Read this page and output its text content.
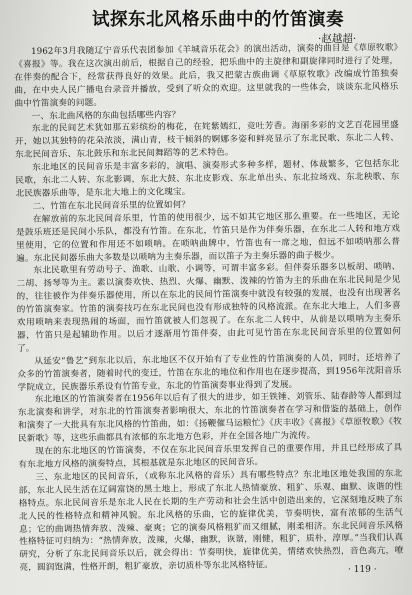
试探东北风格乐曲中的竹笛演奏
·赵越超·

1962年3月我随辽宁音乐代表团参加《羊城音乐花会》的演出活动，演奏的曲目是《草原牧歌》《喜报》等。我在这次演出前后，根据自己的经验，把乐曲中的主旋律和副旋律同时进行了处理，在伴奏的配合下，经常获得良好的效果。此后，我又把蒙古族曲调《草原牧歌》改编成竹笛独奏曲，在中央人民广播电台录音并播放，受到了听众的欢迎。这里就我的一些体会，谈谈东北风格乐曲中竹笛演奏的问题。

一、东北曲风格的东曲包括哪些内容？

东北的民间艺术犹如那五彩缤纷的梅花，在姹紫嫣红，竞吐芳香。海丽多彩的文艺百花园里盛开，她以其独特的花朵浓淡，满山青，枝干倾斜的婀娜多姿和鲜亮显示了东北民歌、东北二人转、东北民间音乐、东北鼓乐和东北民间舞蹈等的艺术特色。

东北地区的民间音乐是丰富多彩的，演唱、演奏形式多种多样，题材、体裁繁多，它包括东北民歌，东北二人转、东北影调，东北大鼓、东北皮影戏、东北单出头、东北拉场戏、东北秧歌、东北民族器乐曲等，是东北大地上的文化瑰宝。

二、竹笛在东北民间音乐里的位置如何？

在解放前的东北民间音乐里，竹笛的使用很少，远不如其它地区那么重要。在一些地区，无论是鼓乐班还是民间小乐队，都没有竹笛。在东北，竹笛只是作为伴奏乐器，在东北二人转和地方戏里使用，它的位置和作用还不如唢呐。在唢呐曲牌中，竹笛也有一席之地，但远不如唢呐那么普遍。东北民间器乐曲大多数是以唢呐为主奏乐器，而以笛子为主奏乐器的曲子极少。

东北民歌里有劳动号子、渔歌、山歌、小调等，可谓丰富多彩。但伴奏乐器多以板胡、唢呐、二胡、扬琴等为主。素以演奏欢快、热烈、火爆、幽默、泼辣的竹笛为主的乐曲在东北民间是少见的，往往被作为伴奏乐器使用，所以在东北的民间竹笛演奏中就没有较强的发展，也没有出现著名的竹笛演奏家。竹笛的演奏技巧在东北民间也没有形成独特的风格流派。在东北大地上，人们多喜欢用唢呐来表现热闹的场面，而竹笛就被人们忽视了。在东北二人转中，从前是以唢呐为主奏乐器，竹笛只是起辅助作用。以后才逐渐用竹笛伴奏，由此可见竹笛在东北民间音乐里的位置如何了。

从延安“鲁艺”到东北以后，东北地区不仅开始有了专业性的竹笛演奏的人员，同时，还培养了众多的竹笛演奏者，随着时代的变迁，竹笛在东北的地位和作用也在逐步提高，到1956年沈阳音乐学院成立，民族器乐系设有竹笛专业，东北的竹笛演奏事业得到了发展。

东北地区的竹笛演奏者在1956年以后有了很大的进步，如王铁锤、刘管乐、陆春龄等人都到过东北演奏和讲学，对东北的竹笛演奏者影响很大，东北的竹笛演奏者在学习和借鉴的基础上，创作和演奏了一大批具有东北风格的竹笛曲，如：《扬鞭催马运粮忙》《庆丰收》《喜报》《草原牧歌》《牧民新歌》等，这些乐曲都具有浓郁的东北地方色彩，并在全国各地广为流传。

现在的东北地区的竹笛演奏，不仅在东北民间音乐里发挥自己的重要作用，并且已经形成了具有东北地方风格的演奏特点，其根基就是东北地区的民间音乐。

三、东北地区的民间音乐，（或称东北风格的音乐）具有哪些特点？东北地区地处我国的东北部，东北人民生活在辽阔富饶的黑土地上，形成了东北人热情豪放、粗犷、乐观、幽默、诙谐的性格特点。东北民间音乐是东北人民在长期的生产劳动和社会生活中创造出来的，它深刻地反映了东北人民的性格特点和精神风貌。东北风格的乐曲，它的旋律优美，节奏明快，富有浓郁的生活气息；它的曲调热情奔放、泼辣、豪爽；它的演奏风格粗犷而又细腻，刚柔相济。东北民间音乐风格性格特征可归纳为：“热情奔放，泼辣，火爆，幽默，诙谐，刚健，粗犷，质朴，淳厚。”当我们认真研究，分析了东北民间音乐以后，就会得出：节奏明快，旋律优美，情绪欢快热烈，音色高亢，嘹亮，圆润饱满，性格开朗，粗犷豪放，亲切质朴等东北风格特征。	· 119 ·
